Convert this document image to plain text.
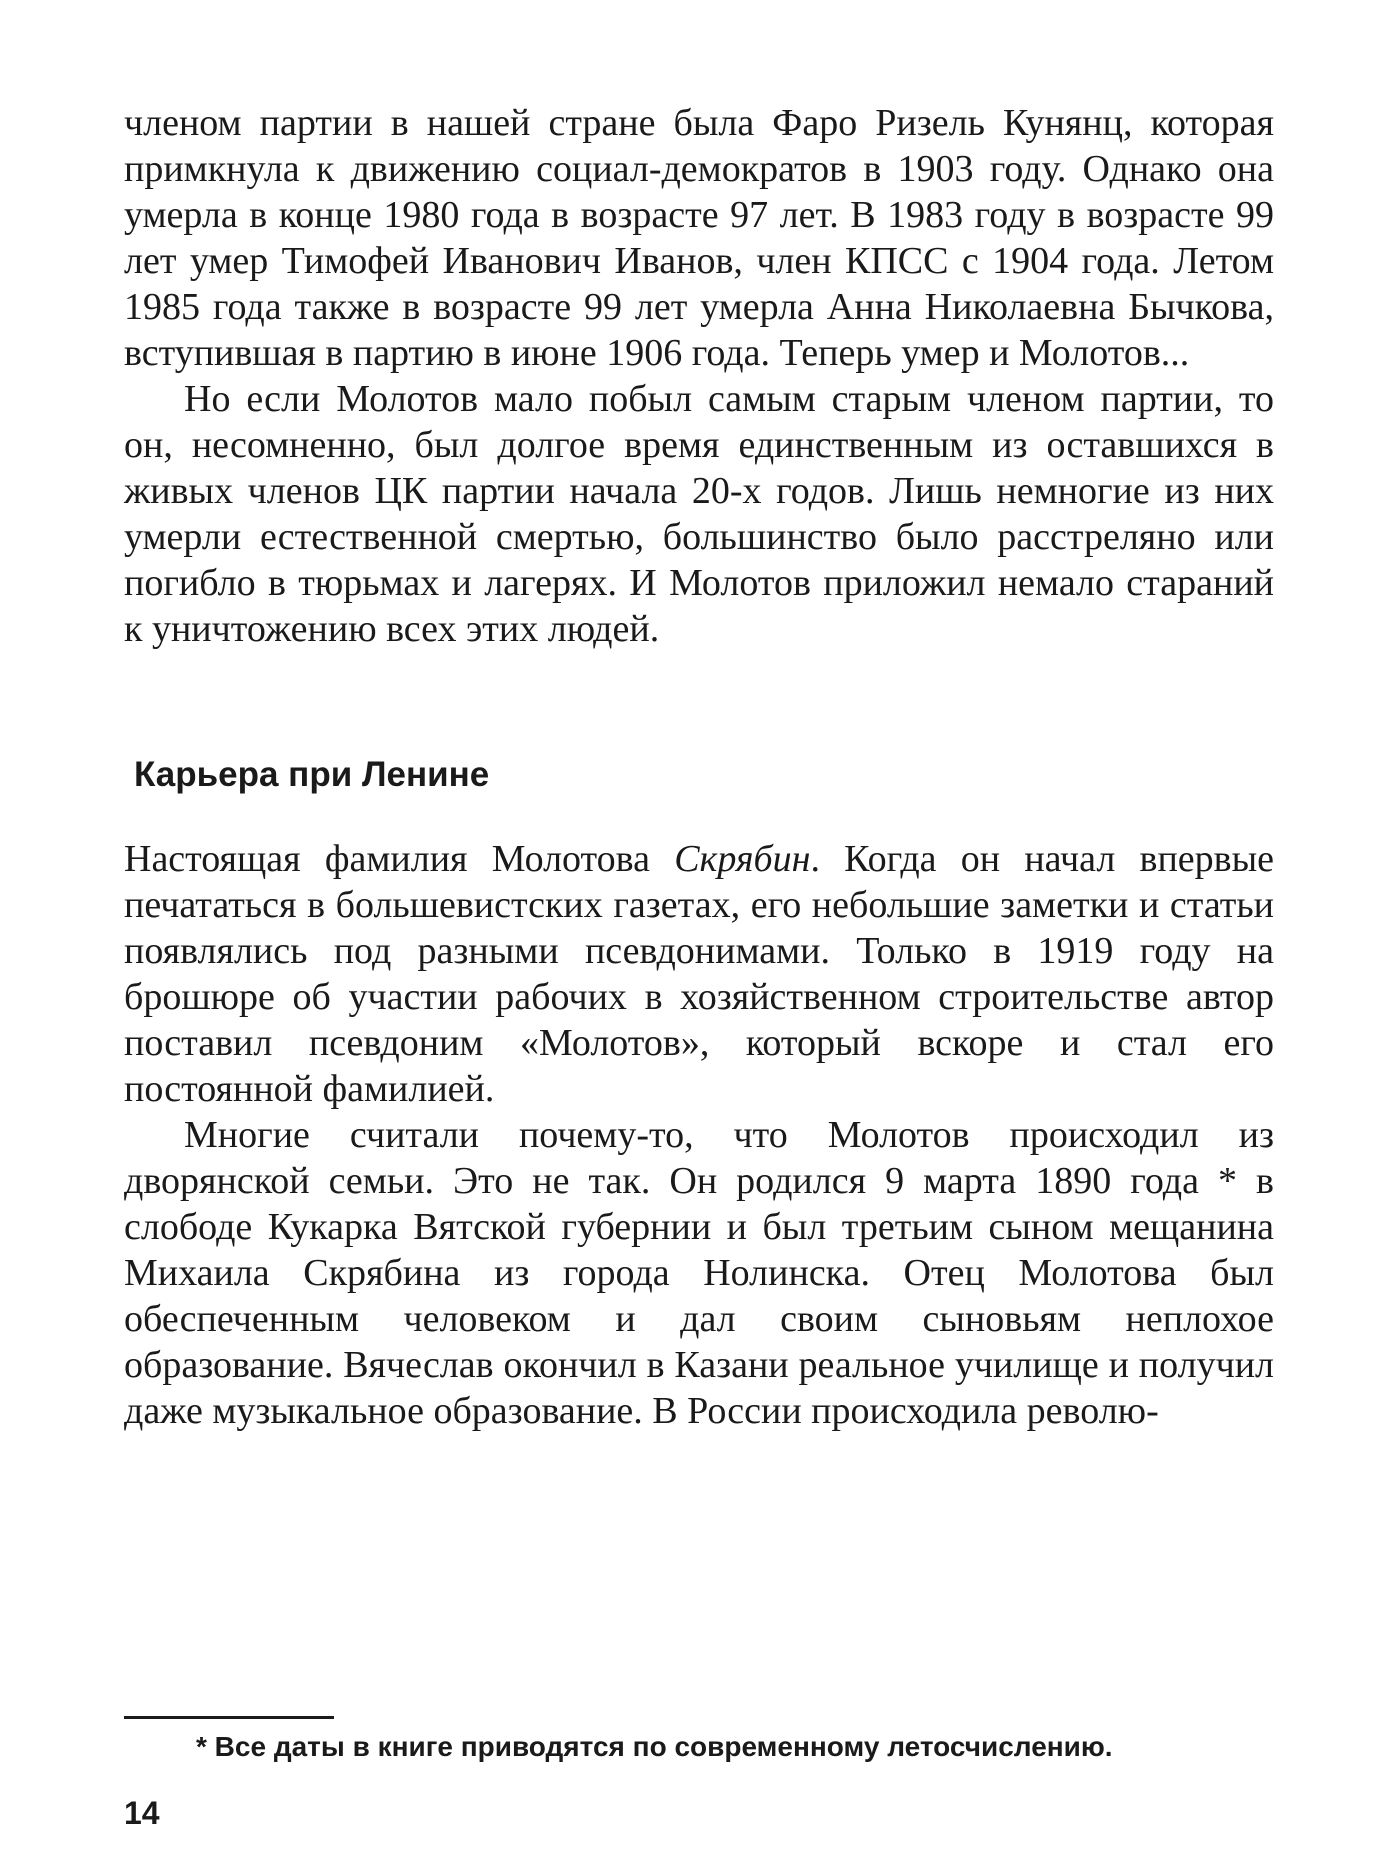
членом партии в нашей стране была Фаро Ризель Кунянц, которая примкнула к движению социал-демократов в 1903 году. Однако она умерла в конце 1980 года в возрасте 97 лет. В 1983 году в возрасте 99 лет умер Тимофей Иванович Иванов, член КПСС с 1904 года. Летом 1985 года также в возрасте 99 лет умерла Анна Николаевна Бычкова, вступившая в партию в июне 1906 года. Теперь умер и Молотов...

Но если Молотов мало побыл самым старым членом партии, то он, несомненно, был долгое время единственным из оставшихся в живых членов ЦК партии начала 20-х годов. Лишь немногие из них умерли естественной смертью, большинство было расстреляно или погибло в тюрьмах и лагерях. И Молотов приложил немало стараний к уничтожению всех этих людей.

Карьера при Ленине

Настоящая фамилия Молотова Скрябин. Когда он начал впервые печататься в большевистских газетах, его небольшие заметки и статьи появлялись под разными псевдонимами. Только в 1919 году на брошюре об участии рабочих в хозяйственном строительстве автор поставил псевдоним «Молотов», который вскоре и стал его постоянной фамилией.

Многие считали почему-то, что Молотов происходил из дворянской семьи. Это не так. Он родился 9 марта 1890 года * в слободе Кукарка Вятской губернии и был третьим сыном мещанина Михаила Скрябина из города Нолинска. Отец Молотова был обеспеченным человеком и дал своим сыновьям неплохое образование. Вячеслав окончил в Казани реальное училище и получил даже музыкальное образование. В России происходила револю-

* Все даты в книге приводятся по современному летосчислению.
14
